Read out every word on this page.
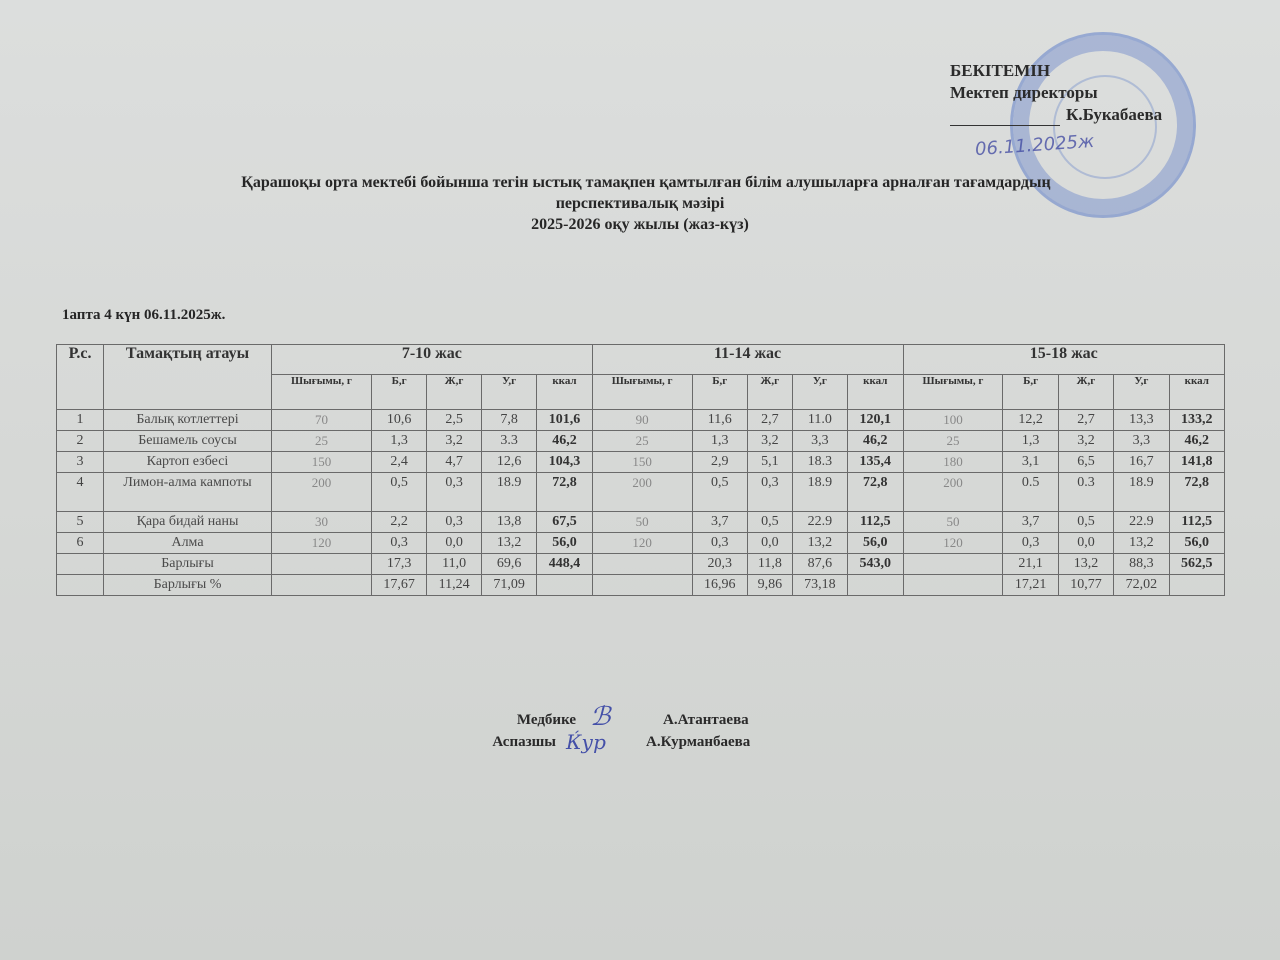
БЕКІТЕМІН
Мектеп директоры
К.Букабаева
06.11.2025ж
Қарашоқы орта мектебі бойынша тегін ыстық тамақпен қамтылған білім алушыларға арналған тағамдардың
перспективалық мәзірі
2025-2026 оқу жылы (жаз-күз)
1апта 4 күн 06.11.2025ж.
Р.с.	Тамақтың атауы	7-10 жас					11-14 жас					15-18 жас				
		Шығымы, г	Б,г	Ж,г	У,г	ккал	Шығымы, г	Б,г	Ж,г	У,г	ккал	Шығымы, г	Б,г	Ж,г	У,г	ккал
1	Балық котлеттері	70	10,6	2,5	7,8	101,6	90	11,6	2,7	11.0	120,1	100	12,2	2,7	13,3	133,2
2	Бешамель соусы	25	1,3	3,2	3.3	46,2	25	1,3	3,2	3,3	46,2	25	1,3	3,2	3,3	46,2
3	Картоп езбесі	150	2,4	4,7	12,6	104,3	150	2,9	5,1	18.3	135,4	180	3,1	6,5	16,7	141,8
4	Лимон-алма кампоты	200	0,5	0,3	18.9	72,8	200	0,5	0,3	18.9	72,8	200	0.5	0.3	18.9	72,8
5	Қара бидай наны	30	2,2	0,3	13,8	67,5	50	3,7	0,5	22.9	112,5	50	3,7	0,5	22.9	112,5
6	Алма	120	0,3	0,0	13,2	56,0	120	0,3	0,0	13,2	56,0	120	0,3	0,0	13,2	56,0
	Барлығы		17,3	11,0	69,6	448,4		20,3	11,8	87,6	543,0		21,1	13,2	88,3	562,5
	Барлығы %		17,67	11,24	71,09			16,96	9,86	73,18			17,21	10,77	72,02	
Медбике ℬ	А.Атантаева
Аспазшы Ќур	А.Курманбаева
